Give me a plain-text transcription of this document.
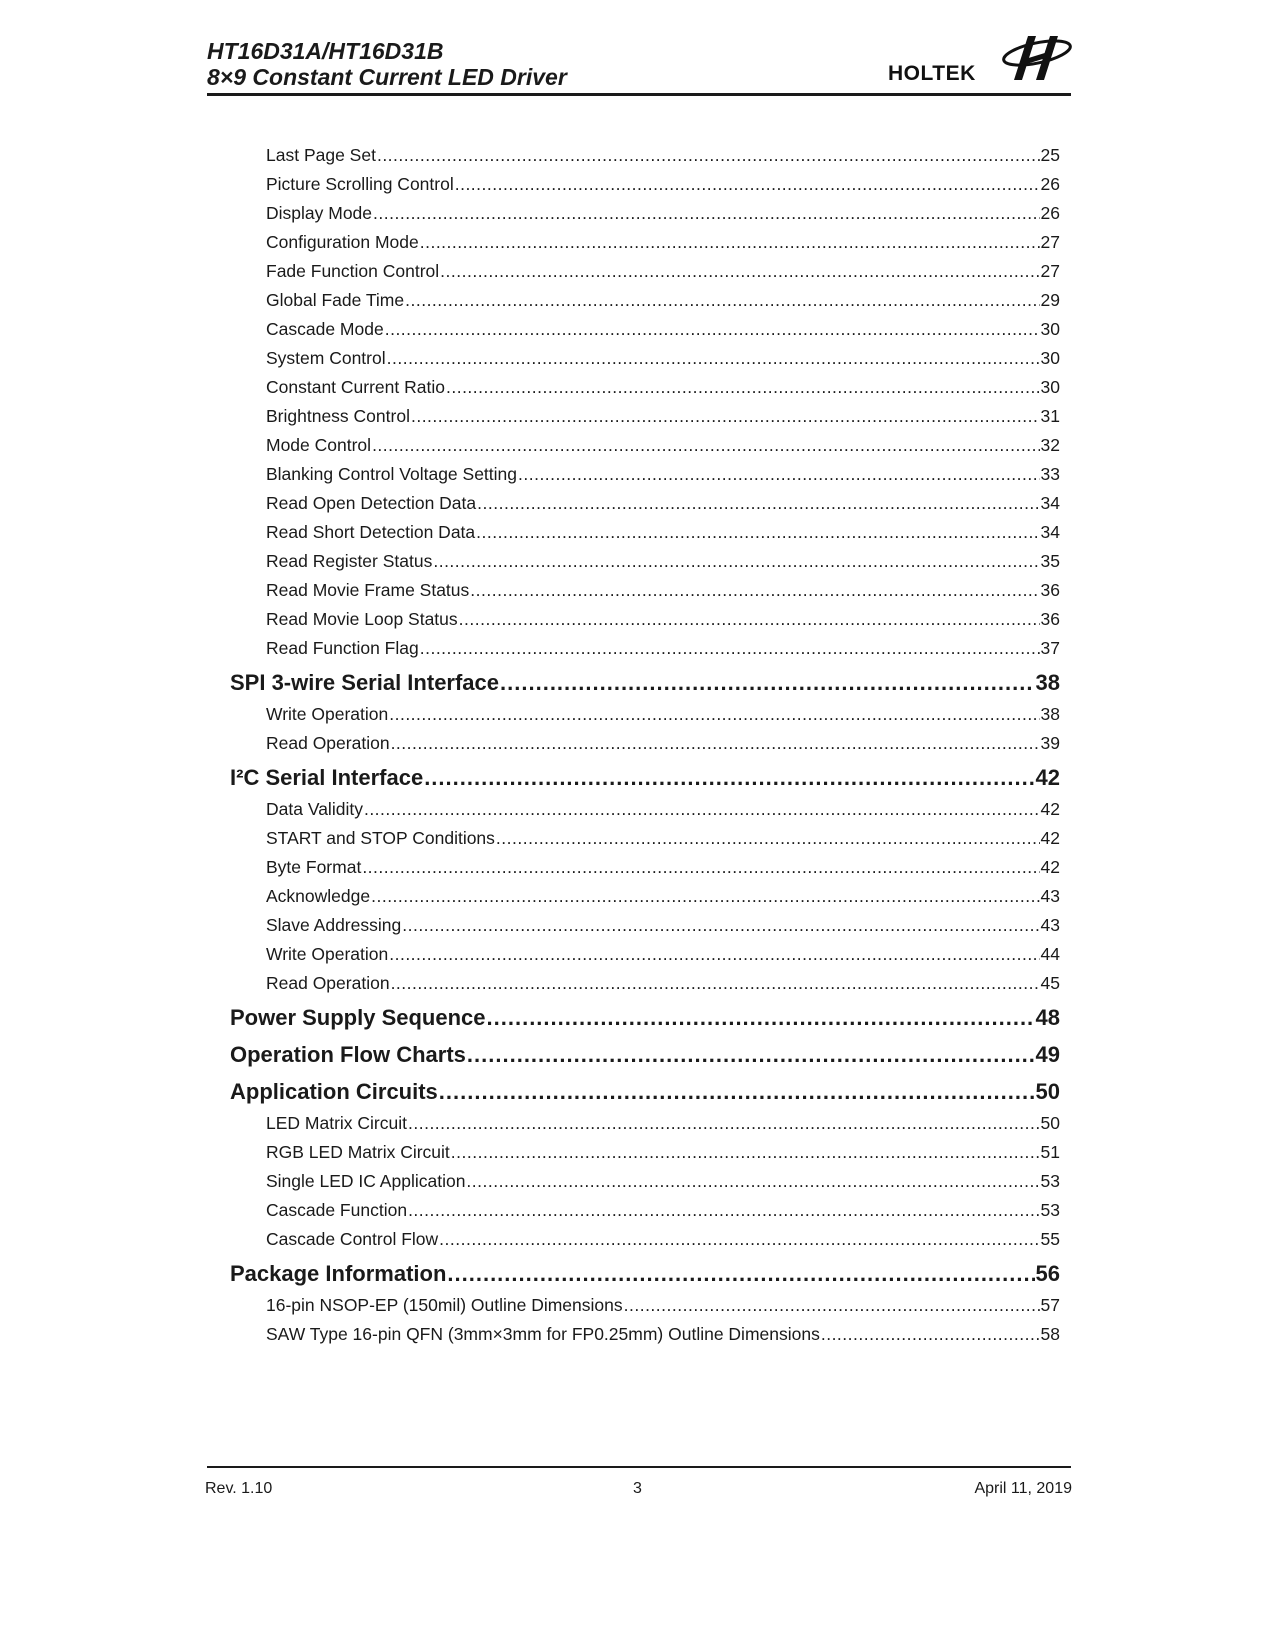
HT16D31A/HT16D31B
8×9 Constant Current LED Driver	HOLTEK
Last Page Set .....	25
Picture Scrolling Control .....	26
Display Mode .....	26
Configuration Mode .....	27
Fade Function Control .....	27
Global Fade Time .....	29
Cascade Mode .....	30
System Control .....	30
Constant Current Ratio .....	30
Brightness Control .....	31
Mode Control .....	32
Blanking Control Voltage Setting .....	33
Read Open Detection Data .....	34
Read Short Detection Data .....	34
Read Register Status .....	35
Read Movie Frame Status .....	36
Read Movie Loop Status .....	36
Read Function Flag .....	37
SPI 3-wire Serial Interface .....	38
Write Operation .....	38
Read Operation .....	39
I²C Serial Interface .....	42
Data Validity .....	42
START and STOP Conditions .....	42
Byte Format .....	42
Acknowledge .....	43
Slave Addressing .....	43
Write Operation .....	44
Read Operation .....	45
Power Supply Sequence .....	48
Operation Flow Charts .....	49
Application Circuits .....	50
LED Matrix Circuit .....	50
RGB LED Matrix Circuit .....	51
Single LED IC Application .....	53
Cascade Function .....	53
Cascade Control Flow .....	55
Package Information .....	56
16-pin NSOP-EP (150mil) Outline Dimensions .....	57
SAW Type 16-pin QFN (3mm×3mm for FP0.25mm) Outline Dimensions .....	58
Rev. 1.10	3	April 11, 2019
